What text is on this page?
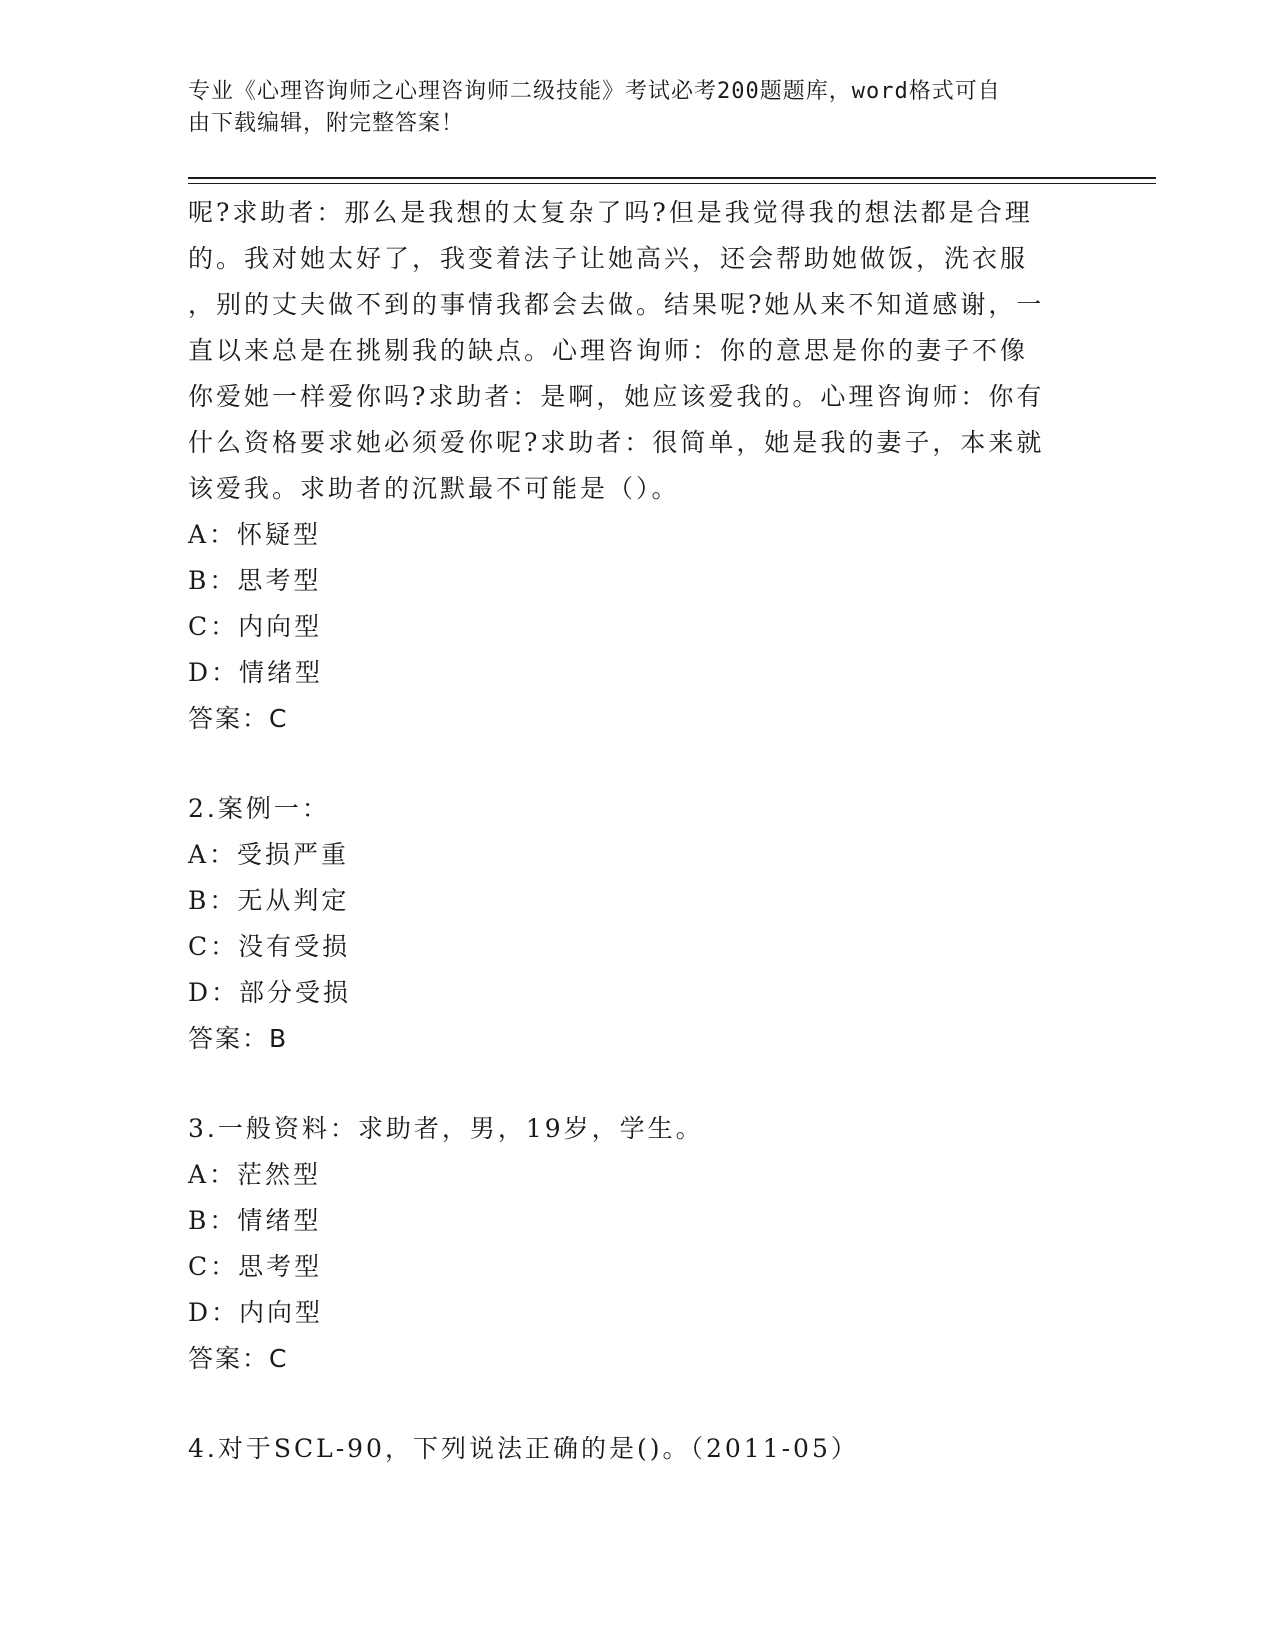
专业《心理咨询师之心理咨询师二级技能》考试必考200题题库，word格式可自
由下载编辑，附完整答案！
呢?求助者：那么是我想的太复杂了吗?但是我觉得我的想法都是合理
的。我对她太好了，我变着法子让她高兴，还会帮助她做饭，洗衣服
，别的丈夫做不到的事情我都会去做。结果呢?她从来不知道感谢，一
直以来总是在挑剔我的缺点。心理咨询师：你的意思是你的妻子不像
你爱她一样爱你吗?求助者：是啊，她应该爱我的。心理咨询师：你有
什么资格要求她必须爱你呢?求助者：很简单，她是我的妻子，本来就
该爱我。求助者的沉默最不可能是（）。
A：怀疑型
B：思考型
C：内向型
D：情绪型
答案：C
2.案例一：
A：受损严重
B：无从判定
C：没有受损
D：部分受损
答案：B
3.一般资料：求助者，男，19岁，学生。
A：茫然型
B：情绪型
C：思考型
D：内向型
答案：C
4.对于SCL-90，下列说法正确的是()。（2011-05）
